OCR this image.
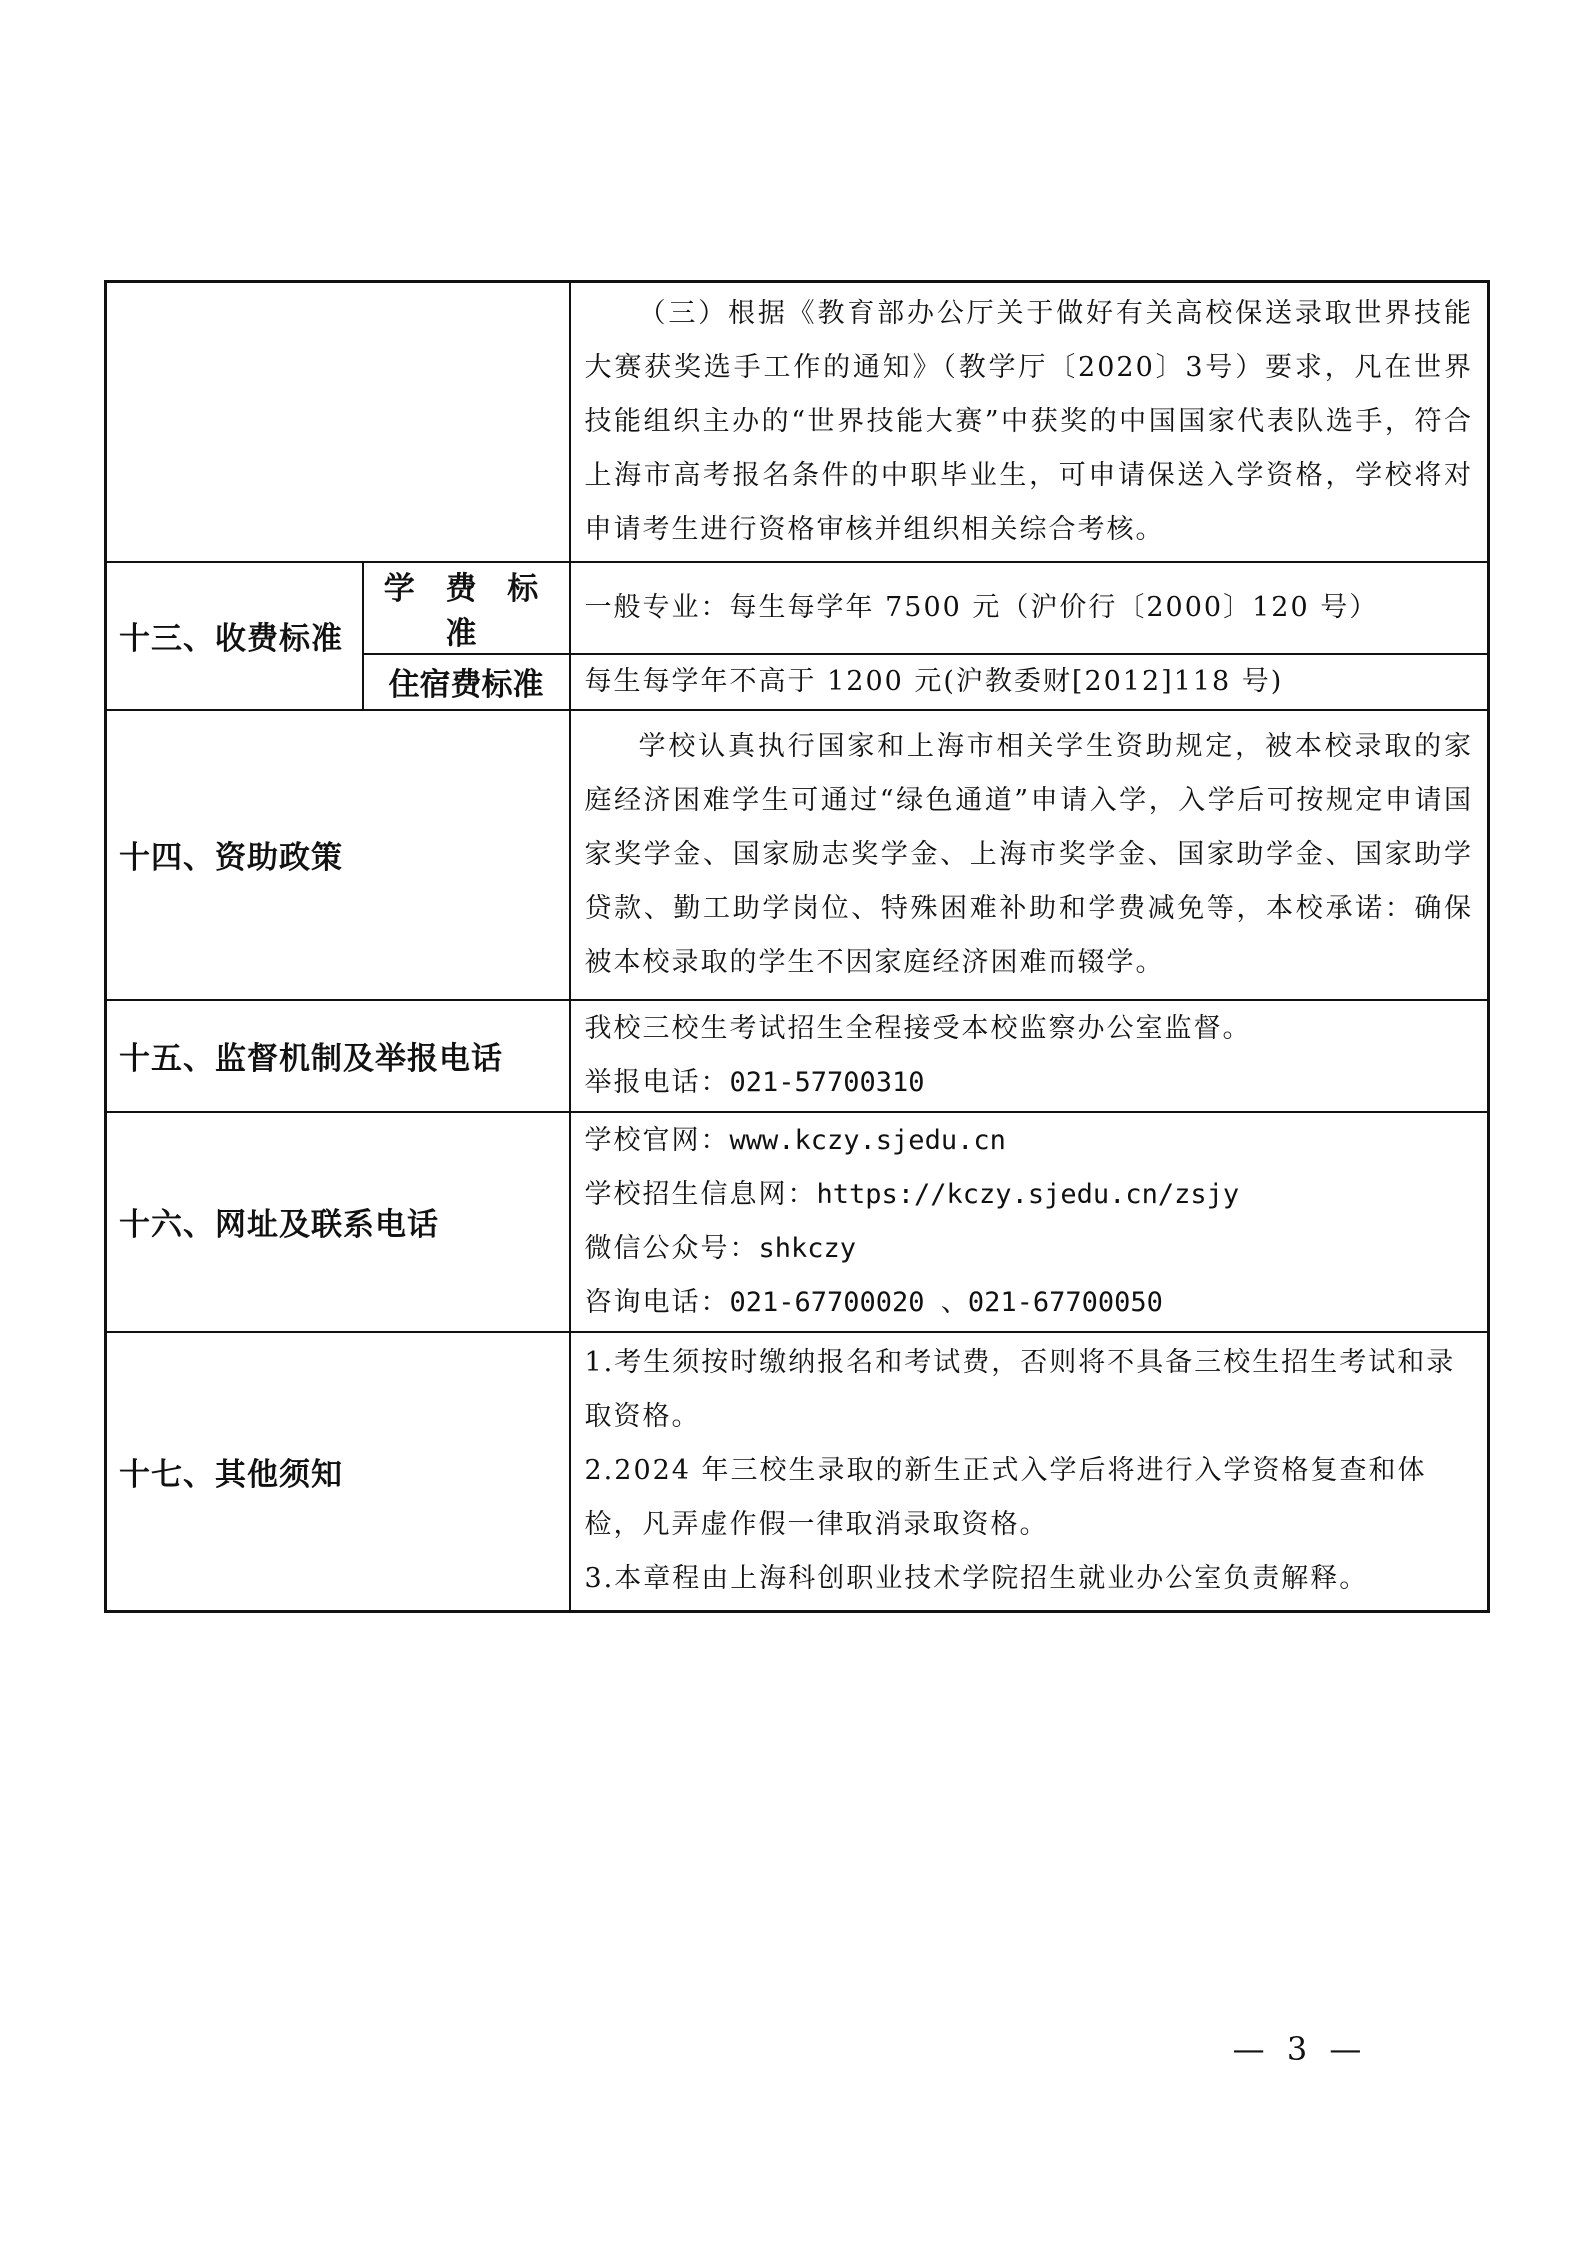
		（三）根据《教育部办公厅关于做好有关高校保送录取世界技能大赛获奖选手工作的通知》（教学厅〔2020〕3号）要求，凡在世界技能组织主办的“世界技能大赛”中获奖的中国国家代表队选手，符合上海市高考报名条件的中职毕业生，可申请保送入学资格，学校将对申请考生进行资格审核并组织相关综合考核。

十三、收费标准	学 费 标 准	一般专业：每生每学年 7500 元（沪价行〔2000〕120 号）
	住宿费标准	每生每学年不高于 1200 元(沪教委财[2012]118 号)
十四、资助政策		学校认真执行国家和上海市相关学生资助规定，被本校录取的家庭经济困难学生可通过“绿色通道”申请入学，入学后可按规定申请国家奖学金、国家励志奖学金、上海市奖学金、国家助学金、国家助学贷款、勤工助学岗位、特殊困难补助和学费减免等，本校承诺：确保被本校录取的学生不因家庭经济困难而辍学。

十五、监督机制及举报电话		我校三校生考试招生全程接受本校监察办公室监督。

举报电话：021-57700310

十六、网址及联系电话		学校官网：www.kczy.sjedu.cn

学校招生信息网：https://kczy.sjedu.cn/zsjy

微信公众号：shkczy

咨询电话：021-67700020 、021-67700050

十七、其他须知		1.考生须按时缴纳报名和考试费，否则将不具备三校生招生考试和录取资格。

2.2024 年三校生录取的新生正式入学后将进行入学资格复查和体检，凡弄虚作假一律取消录取资格。

3.本章程由上海科创职业技术学院招生就业办公室负责解释。

— 3 —
